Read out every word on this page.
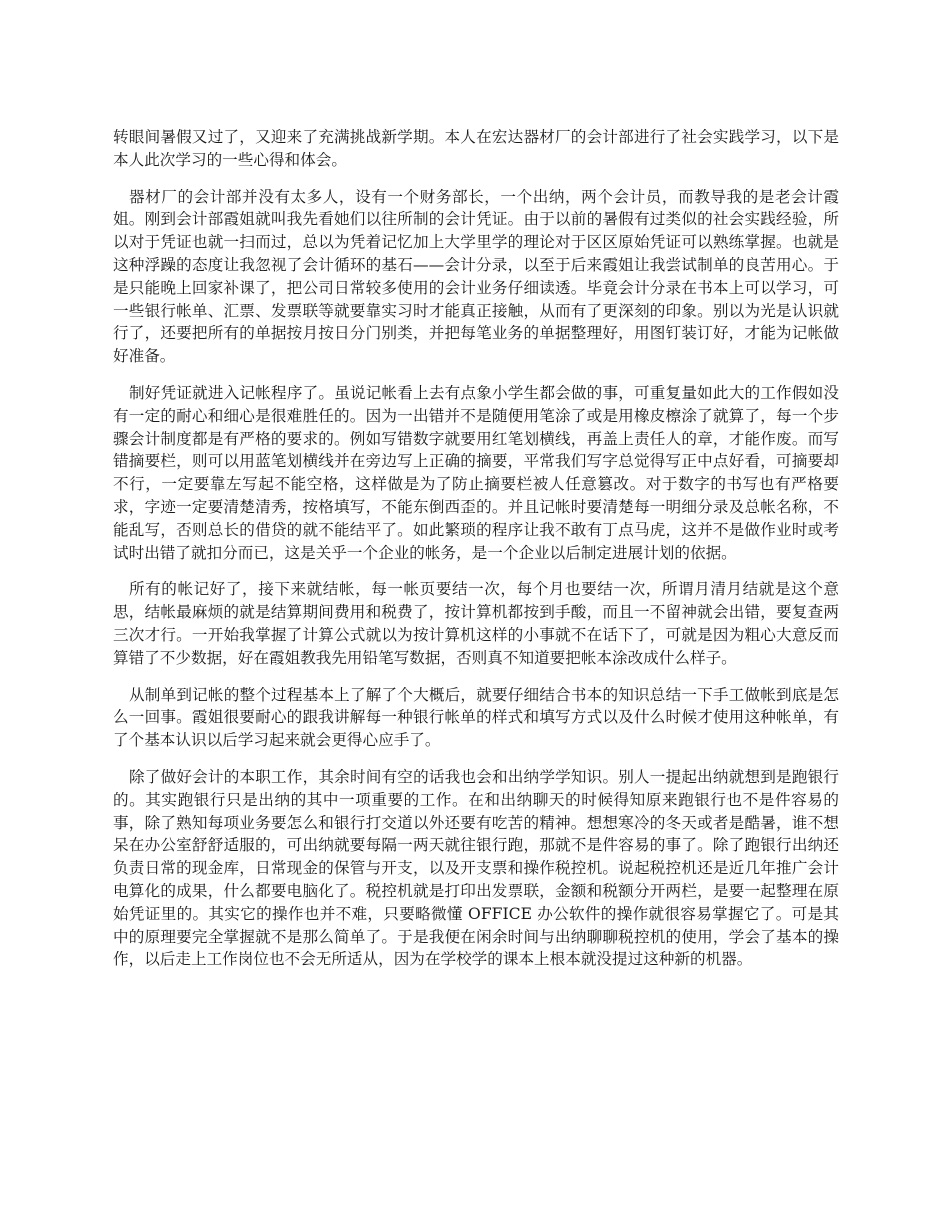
转眼间暑假又过了，又迎来了充满挑战新学期。本人在宏达器材厂的会计部进行了社会实践学习，以下是本人此次学习的一些心得和体会。

器材厂的会计部并没有太多人，设有一个财务部长，一个出纳，两个会计员，而教导我的是老会计霞姐。刚到会计部霞姐就叫我先看她们以往所制的会计凭证。由于以前的暑假有过类似的社会实践经验，所以对于凭证也就一扫而过，总以为凭着记忆加上大学里学的理论对于区区原始凭证可以熟练掌握。也就是这种浮躁的态度让我忽视了会计循环的基石——会计分录，以至于后来霞姐让我尝试制单的良苦用心。于是只能晚上回家补课了，把公司日常较多使用的会计业务仔细读透。毕竟会计分录在书本上可以学习，可一些银行帐单、汇票、发票联等就要靠实习时才能真正接触，从而有了更深刻的印象。别以为光是认识就行了，还要把所有的单据按月按日分门别类，并把每笔业务的单据整理好，用图钉装订好，才能为记帐做好准备。

制好凭证就进入记帐程序了。虽说记帐看上去有点象小学生都会做的事，可重复量如此大的工作假如没有一定的耐心和细心是很难胜任的。因为一出错并不是随便用笔涂了或是用橡皮檫涂了就算了，每一个步骤会计制度都是有严格的要求的。例如写错数字就要用红笔划横线，再盖上责任人的章，才能作废。而写错摘要栏，则可以用蓝笔划横线并在旁边写上正确的摘要，平常我们写字总觉得写正中点好看，可摘要却不行，一定要靠左写起不能空格，这样做是为了防止摘要栏被人任意篡改。对于数字的书写也有严格要求，字迹一定要清楚清秀，按格填写，不能东倒西歪的。并且记帐时要清楚每一明细分录及总帐名称，不能乱写，否则总长的借贷的就不能结平了。如此繁琐的程序让我不敢有丁点马虎，这并不是做作业时或考试时出错了就扣分而已，这是关乎一个企业的帐务，是一个企业以后制定进展计划的依据。

所有的帐记好了，接下来就结帐，每一帐页要结一次，每个月也要结一次，所谓月清月结就是这个意思，结帐最麻烦的就是结算期间费用和税费了，按计算机都按到手酸，而且一不留神就会出错，要复查两三次才行。一开始我掌握了计算公式就以为按计算机这样的小事就不在话下了，可就是因为粗心大意反而算错了不少数据，好在霞姐教我先用铅笔写数据，否则真不知道要把帐本涂改成什么样子。

从制单到记帐的整个过程基本上了解了个大概后，就要仔细结合书本的知识总结一下手工做帐到底是怎么一回事。霞姐很要耐心的跟我讲解每一种银行帐单的样式和填写方式以及什么时候才使用这种帐单，有了个基本认识以后学习起来就会更得心应手了。

除了做好会计的本职工作，其余时间有空的话我也会和出纳学学知识。别人一提起出纳就想到是跑银行的。其实跑银行只是出纳的其中一项重要的工作。在和出纳聊天的时候得知原来跑银行也不是件容易的事，除了熟知每项业务要怎么和银行打交道以外还要有吃苦的精神。想想寒冷的冬天或者是酷暑，谁不想呆在办公室舒舒适服的，可出纳就要每隔一两天就往银行跑，那就不是件容易的事了。除了跑银行出纳还负责日常的现金库，日常现金的保管与开支，以及开支票和操作税控机。说起税控机还是近几年推广会计电算化的成果，什么都要电脑化了。税控机就是打印出发票联，金额和税额分开两栏，是要一起整理在原始凭证里的。其实它的操作也并不难，只要略微懂 OFFICE 办公软件的操作就很容易掌握它了。可是其中的原理要完全掌握就不是那么简单了。于是我便在闲余时间与出纳聊聊税控机的使用，学会了基本的操作，以后走上工作岗位也不会无所适从，因为在学校学的课本上根本就没提过这种新的机器。
